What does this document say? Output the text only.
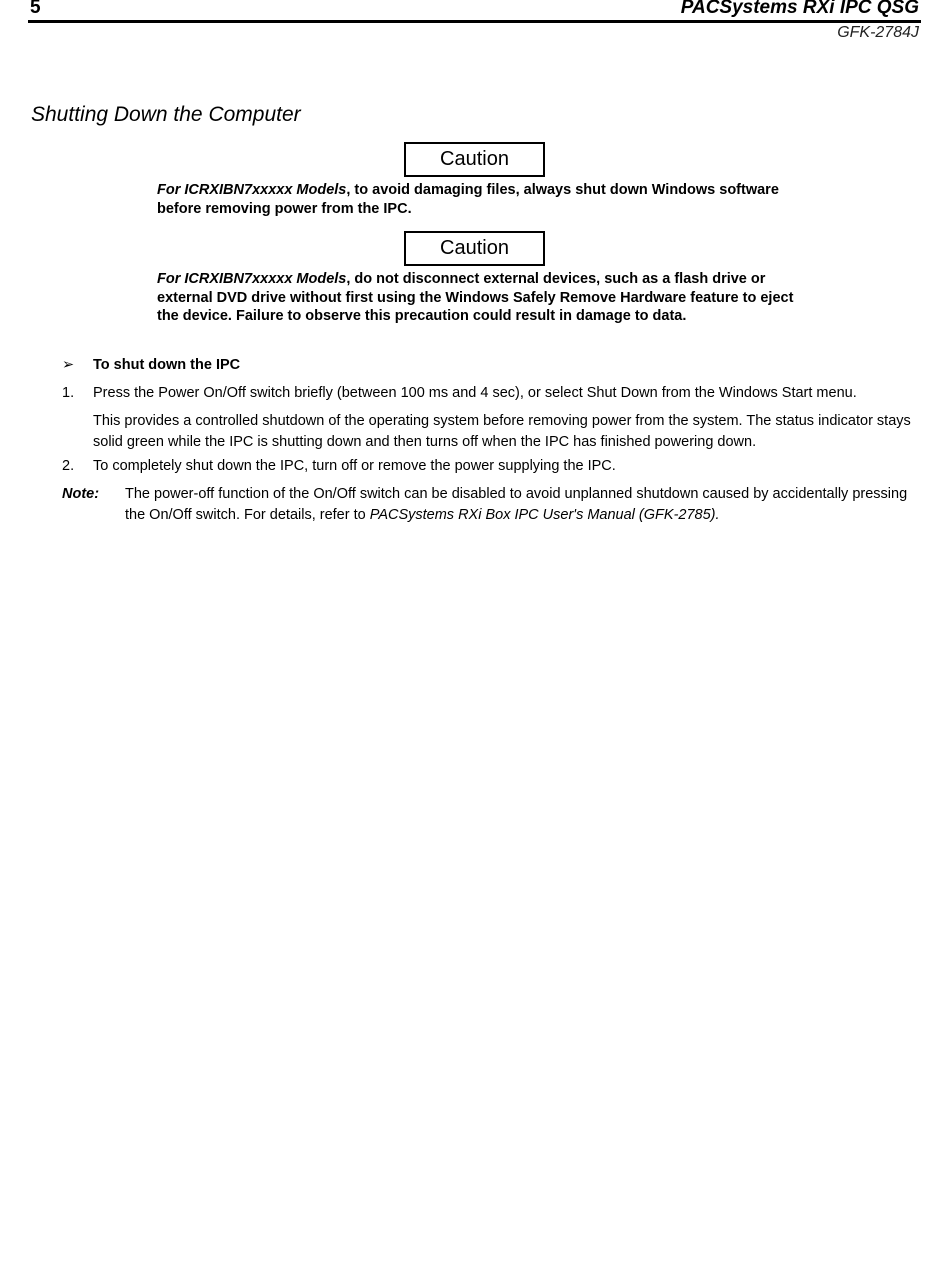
5	PACSystems RXi IPC QSG
GFK-2784J
Shutting Down the Computer
Caution
For ICRXIBN7xxxxx Models, to avoid damaging files, always shut down Windows software before removing power from the IPC.
Caution
For ICRXIBN7xxxxx Models, do not disconnect external devices, such as a flash drive or external DVD drive without first using the Windows Safely Remove Hardware feature to eject the device. Failure to observe this precaution could result in damage to data.
➢ To shut down the IPC
1. Press the Power On/Off switch briefly (between 100 ms and 4 sec), or select Shut Down from the Windows Start menu.
This provides a controlled shutdown of the operating system before removing power from the system. The status indicator stays solid green while the IPC is shutting down and then turns off when the IPC has finished powering down.
2. To completely shut down the IPC, turn off or remove the power supplying the IPC.
Note: The power-off function of the On/Off switch can be disabled to avoid unplanned shutdown caused by accidentally pressing the On/Off switch. For details, refer to PACSystems RXi Box IPC User's Manual (GFK-2785).
